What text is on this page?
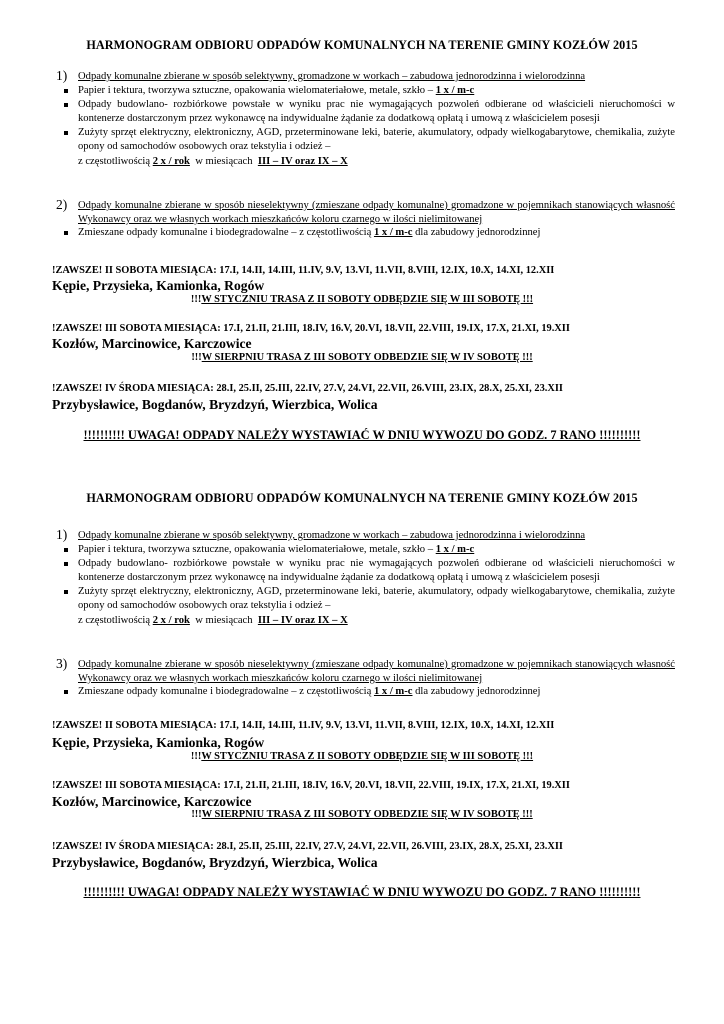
HARMONOGRAM ODBIORU ODPADÓW KOMUNALNYCH NA TERENIE GMINY KOZŁÓW 2015
1) Odpady komunalne zbierane w sposób selektywny, gromadzone w workach – zabudowa jednorodzinna i wielorodzinna
Papier i tektura, tworzywa sztuczne, opakowania wielomateriałowe, metale, szkło – 1 x / m-c
Odpady budowlano- rozbiórkowe powstałe w wyniku prac nie wymagających pozwoleń odbierane od właścicieli nieruchomości w kontenerze dostarczonym przez wykonawcę na indywidualne żądanie za dodatkową opłatą i umową z właścicielem posesji
Zużyty sprzęt elektryczny, elektroniczny, AGD, przeterminowane leki, baterie, akumulatory, odpady wielkogabarytowe, chemikalia, zużyte opony od samochodów osobowych oraz tekstylia i odzież –
z częstotliwością 2 x / rok  w miesiącach  III – IV oraz IX – X
2) Odpady komunalne zbierane w sposób nieselektywny (zmieszane odpady komunalne) gromadzone w pojemnikach stanowiących własność Wykonawcy oraz we własnych workach mieszkańców koloru czarnego w ilości nielimitowanej
Zmieszane odpady komunalne i biodegradowalne – z częstotliwością 1 x / m-c dla zabudowy jednorodzinnej
!ZAWSZE! II SOBOTA MIESIĄCA: 17.I, 14.II, 14.III, 11.IV, 9.V, 13.VI, 11.VII, 8.VIII, 12.IX, 10.X, 14.XI, 12.XII
Kępie, Przysieka, Kamionka, Rogów
!!!W STYCZNIU TRASA Z II SOBOTY ODBĘDZIE SIĘ W III SOBOTĘ !!!
!ZAWSZE! III SOBOTA MIESIĄCA: 17.I, 21.II, 21.III, 18.IV, 16.V, 20.VI, 18.VII, 22.VIII, 19.IX, 17.X, 21.XI, 19.XII
Kozłów, Marcinowice, Karczowice
!!!W SIERPNIU TRASA Z III SOBOTY ODBEDZIE SIĘ W IV SOBOTĘ !!!
!ZAWSZE! IV ŚRODA MIESIĄCA: 28.I, 25.II, 25.III, 22.IV, 27.V, 24.VI, 22.VII, 26.VIII, 23.IX, 28.X, 25.XI, 23.XII
Przybysławice, Bogdanów, Bryzdzyń, Wierzbica, Wolica
!!!!!!!!!! UWAGA! ODPADY NALEŻY WYSTAWIAĆ W DNIU WYWOZU DO GODZ. 7 RANO !!!!!!!!!!
HARMONOGRAM ODBIORU ODPADÓW KOMUNALNYCH NA TERENIE GMINY KOZŁÓW 2015
1) Odpady komunalne zbierane w sposób selektywny, gromadzone w workach – zabudowa jednorodzinna i wielorodzinna
Papier i tektura, tworzywa sztuczne, opakowania wielomateriałowe, metale, szkło – 1 x / m-c
Odpady budowlano- rozbiórkowe powstałe w wyniku prac nie wymagających pozwoleń odbierane od właścicieli nieruchomości w kontenerze dostarczonym przez wykonawcę na indywidualne żądanie za dodatkową opłatą i umową z właścicielem posesji
Zużyty sprzęt elektryczny, elektroniczny, AGD, przeterminowane leki, baterie, akumulatory, odpady wielkogabarytowe, chemikalia, zużyte opony od samochodów osobowych oraz tekstylia i odzież –
z częstotliwością 2 x / rok  w miesiącach  III – IV oraz IX – X
3) Odpady komunalne zbierane w sposób nieselektywny (zmieszane odpady komunalne) gromadzone w pojemnikach stanowiących własność Wykonawcy oraz we własnych workach mieszkańców koloru czarnego w ilości nielimitowanej
Zmieszane odpady komunalne i biodegradowalne – z częstotliwością 1 x / m-c dla zabudowy jednorodzinnej
!ZAWSZE! II SOBOTA MIESIĄCA: 17.I, 14.II, 14.III, 11.IV, 9.V, 13.VI, 11.VII, 8.VIII, 12.IX, 10.X, 14.XI, 12.XII
Kępie, Przysieka, Kamionka, Rogów
!!!W STYCZNIU TRASA Z II SOBOTY ODBĘDZIE SIĘ W III SOBOTĘ !!!
!ZAWSZE! III SOBOTA MIESIĄCA: 17.I, 21.II, 21.III, 18.IV, 16.V, 20.VI, 18.VII, 22.VIII, 19.IX, 17.X, 21.XI, 19.XII
Kozłów, Marcinowice, Karczowice
!!!W SIERPNIU TRASA Z III SOBOTY ODBEDZIE SIĘ W IV SOBOTĘ !!!
!ZAWSZE! IV ŚRODA MIESIĄCA: 28.I, 25.II, 25.III, 22.IV, 27.V, 24.VI, 22.VII, 26.VIII, 23.IX, 28.X, 25.XI, 23.XII
Przybysławice, Bogdanów, Bryzdzyń, Wierzbica, Wolica
!!!!!!!!!! UWAGA! ODPADY NALEŻY WYSTAWIAĆ W DNIU WYWOZU DO GODZ. 7 RANO !!!!!!!!!!
